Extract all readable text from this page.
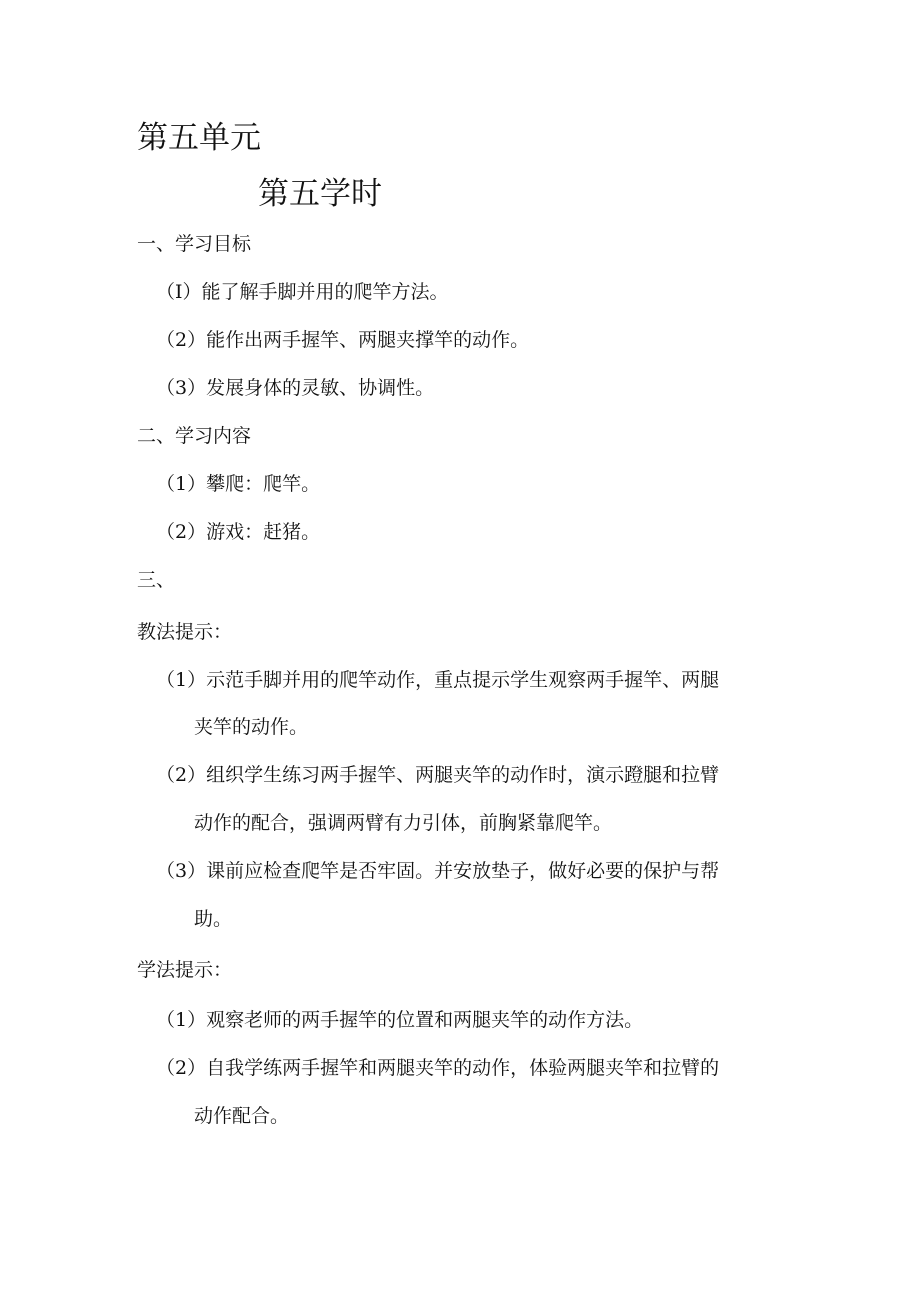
第五单元
第五学时
一、学习目标
（I）能了解手脚并用的爬竿方法。
（2）能作出两手握竿、两腿夹撑竿的动作。
（3）发展身体的灵敏、协调性。
二、学习内容
（1）攀爬：爬竿。
（2）游戏：赶猪。
三、
教法提示：
（1）示范手脚并用的爬竿动作，重点提示学生观察两手握竿、两腿
夹竿的动作。
（2）组织学生练习两手握竿、两腿夹竿的动作时，演示蹬腿和拉臂
动作的配合，强调两臂有力引体，前胸紧靠爬竿。
（3）课前应检查爬竿是否牢固。并安放垫子，做好必要的保护与帮
助。
学法提示：
（1）观察老师的两手握竿的位置和两腿夹竿的动作方法。
（2）自我学练两手握竿和两腿夹竿的动作，体验两腿夹竿和拉臂的
动作配合。
